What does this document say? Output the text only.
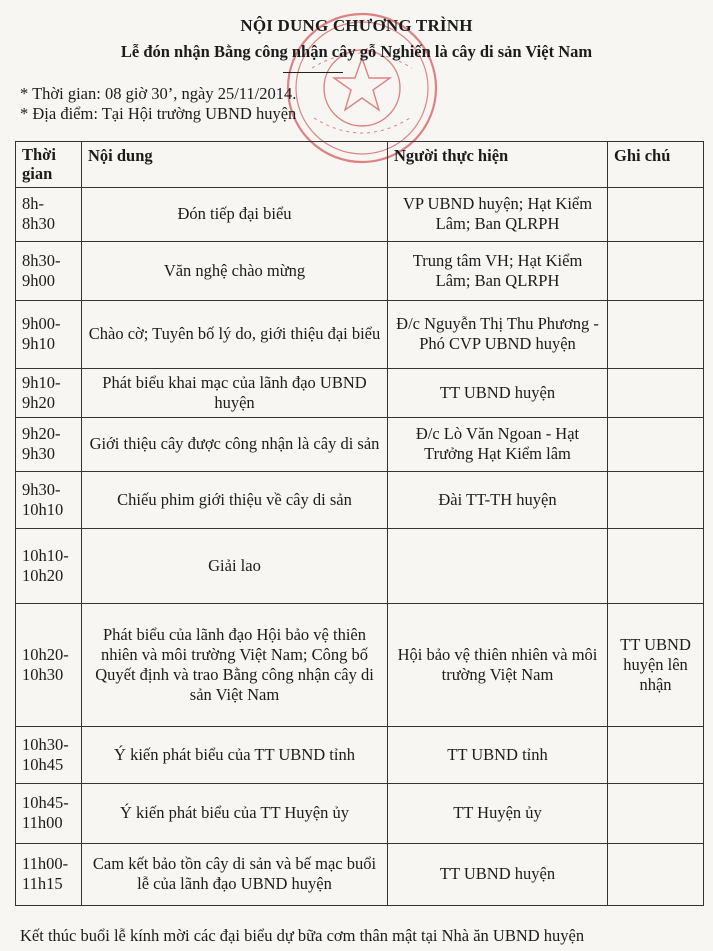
NỘI DUNG CHƯƠNG TRÌNH
Lễ đón nhận Bằng công nhận cây gỗ Nghiến là cây di sản Việt Nam
* Thời gian: 08 giờ 30’, ngày 25/11/2014.
* Địa điểm: Tại Hội trường UBND huyện
Thời gian	Nội dung	Người thực hiện	Ghi chú
8h- 8h30	Đón tiếp đại biểu	VP UBND huyện; Hạt Kiểm Lâm; Ban QLRPH	
8h30- 9h00	Văn nghệ chào mừng	Trung tâm VH; Hạt Kiểm Lâm; Ban QLRPH	
9h00- 9h10	Chào cờ; Tuyên bố lý do, giới thiệu đại biểu	Đ/c Nguyễn Thị Thu Phương - Phó CVP UBND huyện	
9h10- 9h20	Phát biểu khai mạc của lãnh đạo UBND huyện	TT UBND huyện	
9h20- 9h30	Giới thiệu cây được công nhận là cây di sản	Đ/c Lò Văn Ngoan - Hạt Trưởng Hạt Kiểm lâm	
9h30- 10h10	Chiếu phim giới thiệu về cây di sản	Đài TT-TH huyện	
10h10- 10h20	Giải lao		
10h20- 10h30	Phát biểu của lãnh đạo Hội bảo vệ thiên nhiên và môi trường Việt Nam; Công bố Quyết định và trao Bằng công nhận cây di sản Việt Nam	Hội bảo vệ thiên nhiên và môi trường Việt Nam	TT UBND huyện lên nhận
10h30- 10h45	Ý kiến phát biểu của TT UBND tỉnh	TT UBND tỉnh	
10h45- 11h00	Ý kiến phát biểu của TT Huyện ủy	TT Huyện ủy	
11h00- 11h15	Cam kết bảo tồn cây di sản và bế mạc buổi lễ của lãnh đạo UBND huyện	TT UBND huyện	
Kết thúc buổi lễ kính mời các đại biểu dự bữa cơm thân mật tại Nhà ăn UBND huyện
